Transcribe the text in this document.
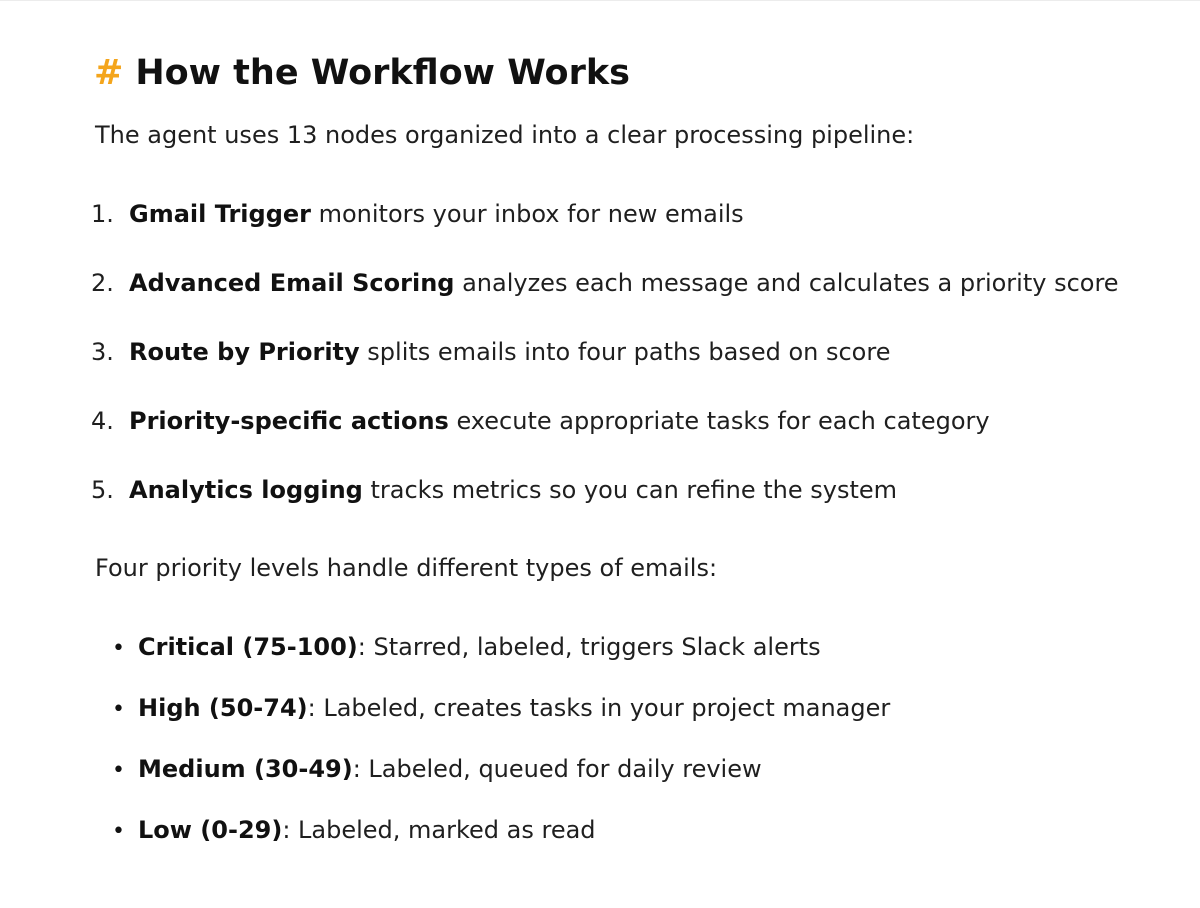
# How the Workflow Works

The agent uses 13 nodes organized into a clear processing pipeline:

1. Gmail Trigger monitors your inbox for new emails
2. Advanced Email Scoring analyzes each message and calculates a priority score
3. Route by Priority splits emails into four paths based on score
4. Priority-specific actions execute appropriate tasks for each category
5. Analytics logging tracks metrics so you can refine the system

Four priority levels handle different types of emails:

• Critical (75-100): Starred, labeled, triggers Slack alerts
• High (50-74): Labeled, creates tasks in your project manager
• Medium (30-49): Labeled, queued for daily review
• Low (0-29): Labeled, marked as read
